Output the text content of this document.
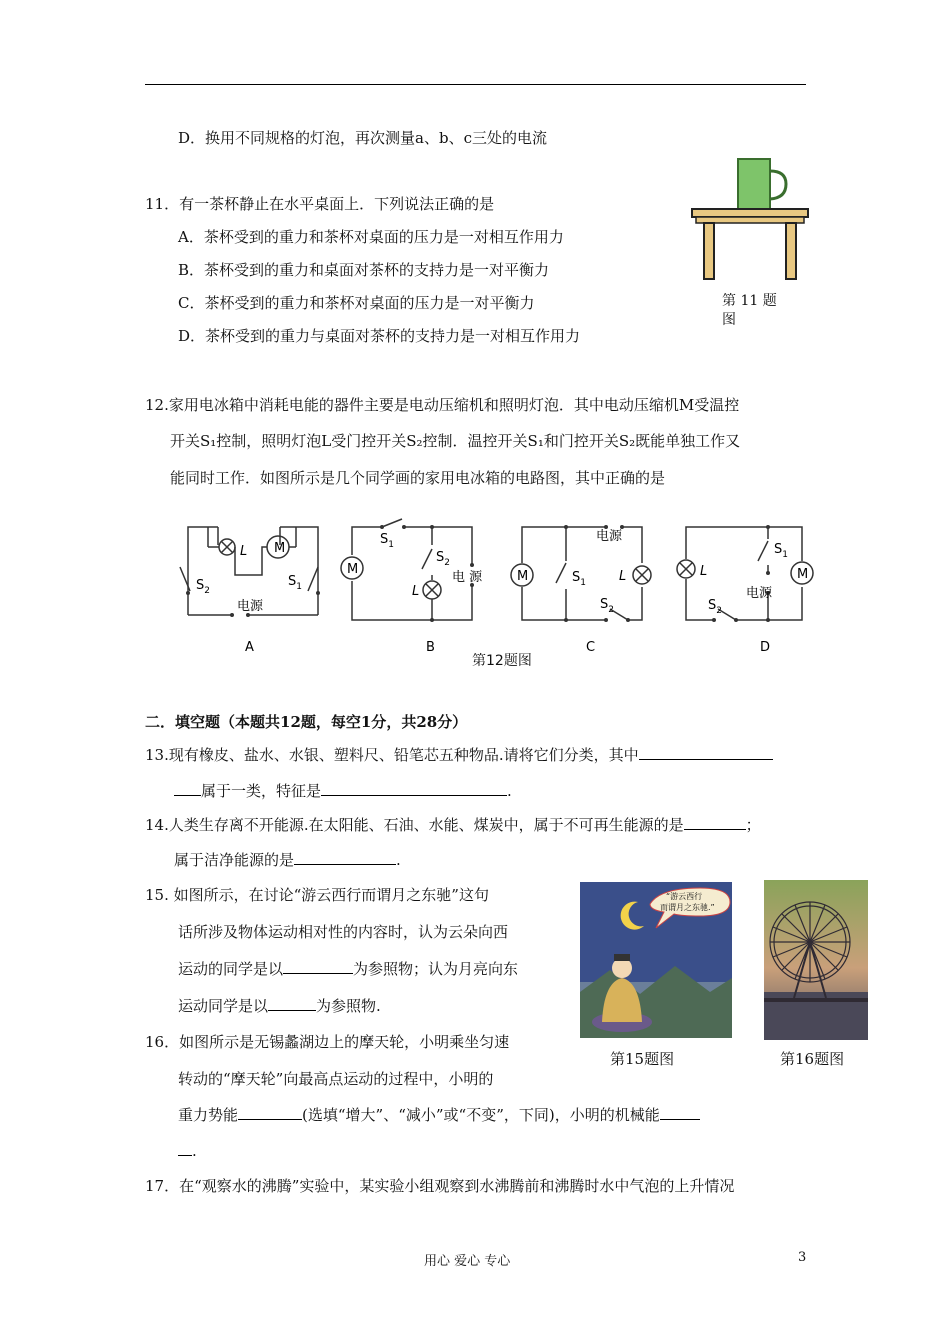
D．换用不同规格的灯泡，再次测量a、b、c三处的电流
11．有一茶杯静止在水平桌面上．下列说法正确的是
A．茶杯受到的重力和茶杯对桌面的压力是一对相互作用力
B．茶杯受到的重力和桌面对茶杯的支持力是一对平衡力
C．茶杯受到的重力和茶杯对桌面的压力是一对平衡力
D．茶杯受到的重力与桌面对茶杯的支持力是一对相互作用力
第 11 题
图
12.家用电冰箱中消耗电能的器件主要是电动压缩机和照明灯泡．其中电动压缩机M受温控
开关S₁控制，照明灯泡L受门控开关S₂控制．温控开关S₁和门控开关S₂既能单独工作又
能同时工作．如图所示是几个同学画的家用电冰箱的电路图，其中正确的是
M
L
$S_2$
$S_1$
电源
A
M
$S_1$
$S_2$
L
电 源
B
M
电源
$S_1$	L
$S_2$
C
L
$S_1$
M
电源
$S_2$
D
第12题图
二．填空题（本题共12题，每空1分，共28分）
13.现有橡皮、盐水、水银、塑料尺、铅笔芯五种物品.请将它们分类，其中
属于一类，特征是	.
14.人类生存离不开能源.在太阳能、石油、水能、煤炭中，属于不可再生能源的是	；
属于洁净能源的是	.
15. 如图所示，在讨论“游云西行而谓月之东驰”这句
话所涉及物体运动相对性的内容时，认为云朵向西
运动的同学是以	为参照物；认为月亮向东
运动同学是以	为参照物.
“游云西行
而谓月之东驰.”
第15题图	第16题图
16．如图所示是无锡蠡湖边上的摩天轮，小明乘坐匀速
转动的“摩天轮”向最高点运动的过程中，小明的
重力势能	(选填“增大”、“减小”或“不变”，下同)，小明的机械能
.
17．在“观察水的沸腾”实验中，某实验小组观察到水沸腾前和沸腾时水中气泡的上升情况
用心 爱心 专心	3
